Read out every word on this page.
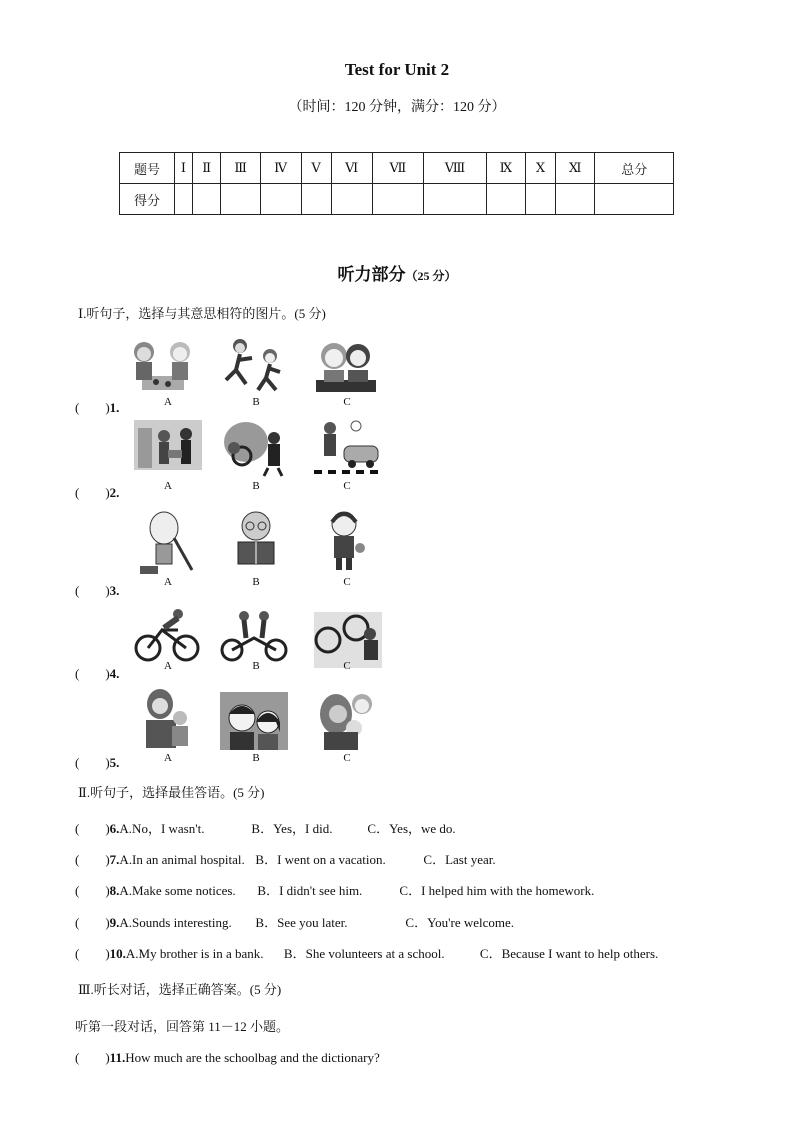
Test for Unit 2
（时间：120 分钟，满分：120 分）
题号	Ⅰ	Ⅱ	Ⅲ	Ⅳ	Ⅴ	Ⅵ	Ⅶ	Ⅷ	Ⅸ	Ⅹ	Ⅺ	总分
得分												
听力部分（25 分）
Ⅰ.听句子，选择与其意思相符的图片。(5 分)
A	B	C
(　　)1.
A	B	C
(　　)2.
A	B	C
(　　)3.
A	B	C
(　　)4.
A	B	C
(　　)5.
Ⅱ.听句子，选择最佳答语。(5 分)
(　　)6.A.No，I wasn't.	B．Yes，I did.	C．Yes，we do.
(　　)7.A.In an animal hospital. B．I went on a vacation.	C．Last year.
(　　)8.A.Make some notices. B．I didn't see him.	C．I helped him with the homework.
(　　)9.A.Sounds interesting. B．See you later.	C．You're welcome.
(　　)10.A.My brother is in a bank. B．She volunteers at a school.	C．Because I want to help others.
Ⅲ.听长对话，选择正确答案。(5 分)
听第一段对话，回答第 11－12 小题。
(　　)11.How much are the schoolbag and the dictionary?
